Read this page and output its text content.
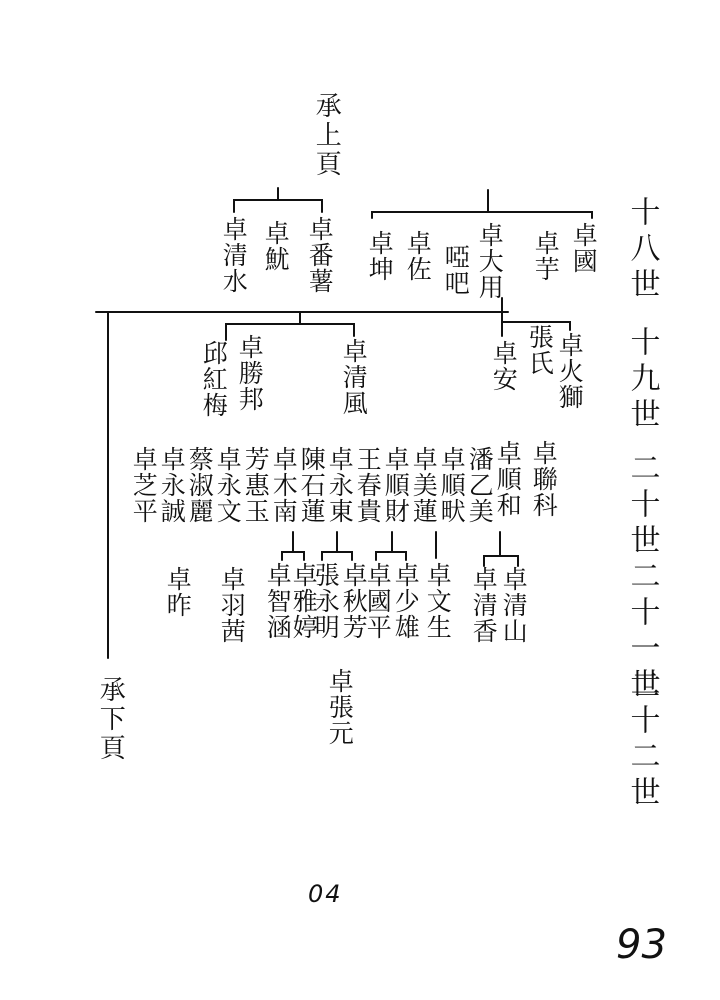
承上頁
承下頁
十八世
十九世
二十世
二十一世
二十二世
卓國
卓芋
卓大用
啞吧
卓佐
卓坤
卓番薯
卓魷
卓清水
卓火獅
張氏
卓安
卓清風
卓勝邦
邱紅梅
卓聯科
卓順和
潘乙美
卓順畎
卓美蓮
卓順財
王春貴
卓永東
陳石蓮
卓木南
芳惠玉
卓永文
蔡淑麗
卓永誠
卓芝平
卓清山
卓清香
卓文生
卓少雄
卓國平
卓秋芳
張永明
卓雅婷
卓智涵
卓羽茜
卓昨
卓張元
04
93
